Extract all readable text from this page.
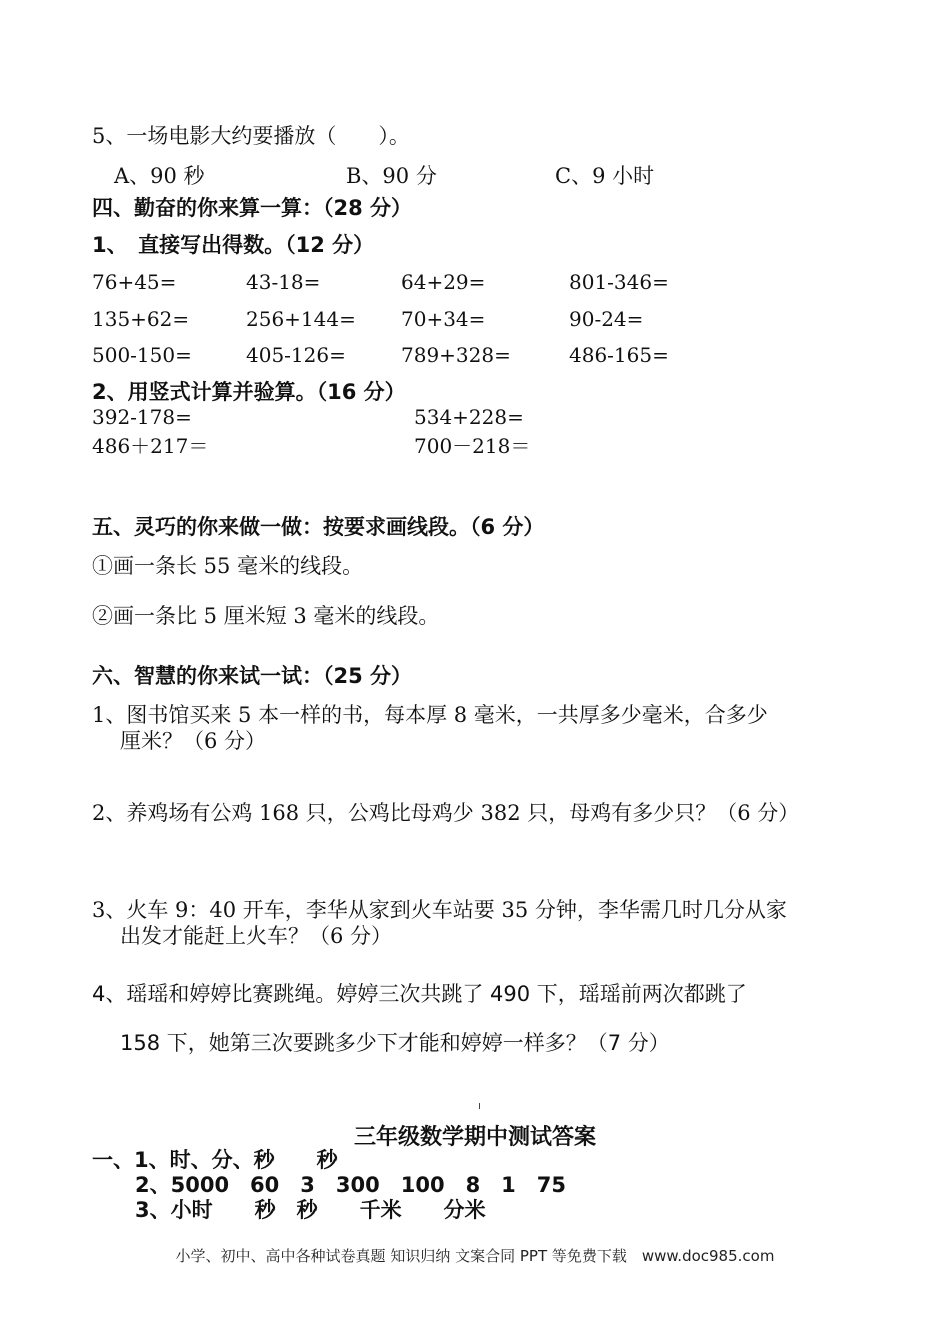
5、一场电影大约要播放（　　）。
A、90 秒	B、90 分	C、9 小时
四、勤奋的你来算一算：（28 分）
1、　直接写出得数。（12 分）
76+45=	43-18=	64+29=	801-346=
135+62=	256+144= 70+34=	90-24=
500-150=	405-126=	789+328=	486-165=
2、用竖式计算并验算。（16 分）
392-178=	534+228=
486＋217＝	700－218＝
五、灵巧的你来做一做：按要求画线段。（6 分）
①画一条长 55 毫米的线段。
②画一条比 5 厘米短 3 毫米的线段。
六、智慧的你来试一试：（25 分）
1、图书馆买来 5 本一样的书，每本厚 8 毫米，一共厚多少毫米，合多少
厘米？（6 分）
2、养鸡场有公鸡 168 只，公鸡比母鸡少 382 只，母鸡有多少只？（6 分）
3、火车 9：40 开车，李华从家到火车站要 35 分钟，李华需几时几分从家
出发才能赶上火车？（6 分）
4、瑶瑶和婷婷比赛跳绳。婷婷三次共跳了 490 下，瑶瑶前两次都跳了
158 下，她第三次要跳多少下才能和婷婷一样多？（7 分）
三年级数学期中测试答案
一、1、时、分、秒　　秒
2、5000　60　3　300　100　8　1　75
3、小时　　秒　秒　　千米　　分米
小学、初中、高中各种试卷真题 知识归纳 文案合同 PPT 等免费下载　www.doc985.com
